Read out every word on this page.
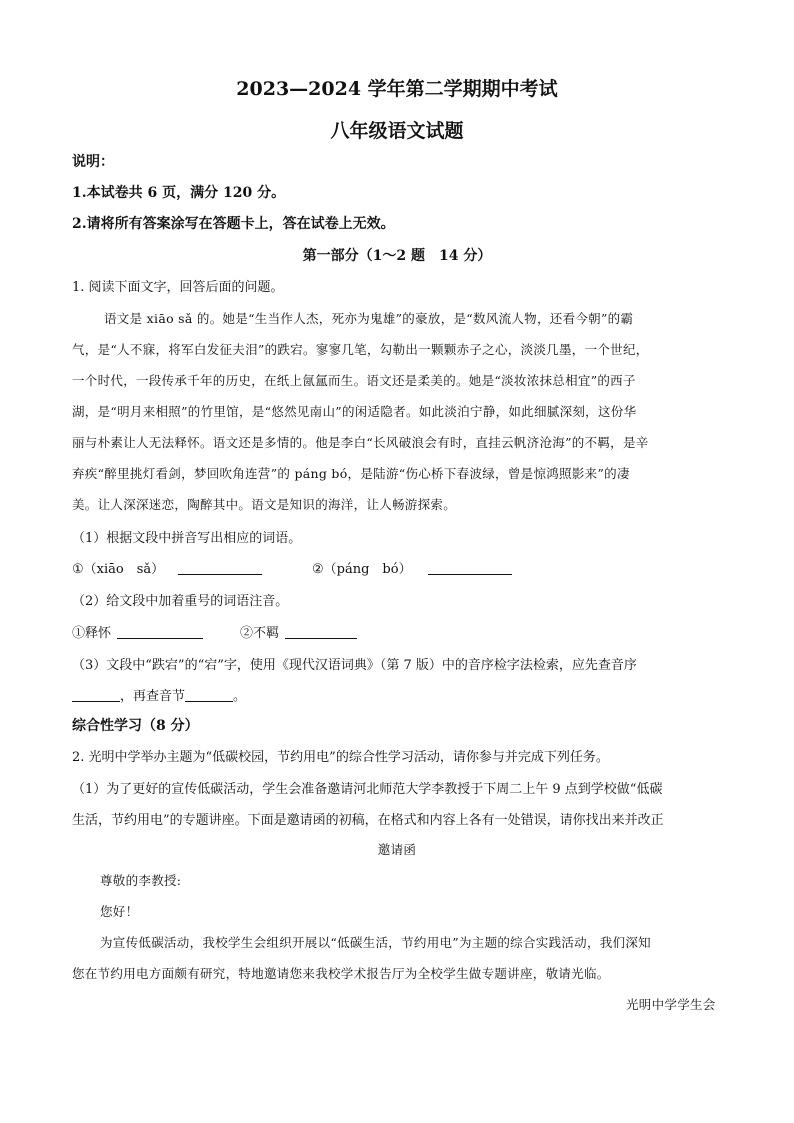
2023—2024 学年第二学期期中考试
八年级语文试题
说明：
1.本试卷共 6 页，满分 120 分。
2.请将所有答案涂写在答题卡上，答在试卷上无效。
第一部分（1～2 题　14 分）
1. 阅读下面文字，回答后面的问题。
语文是 xiāo sǎ 的。她是“生当作人杰，死亦为鬼雄”的豪放，是“数风流人物，还看今朝”的霸
气，是“人不寐，将军白发征夫泪”的跌宕。寥寥几笔，勾勒出一颗颗赤子之心，淡淡几墨，一个世纪，
一个时代，一段传承千年的历史，在纸上氤氲而生。语文还是柔美的。她是“淡妆浓抹总相宜”的西子
湖，是“明月来相照”的竹里馆，是“悠然见南山”的闲适隐者。如此淡泊宁静，如此细腻深刻，这份华
丽与朴素让人无法释怀。语文还是多情的。他是李白“长风破浪会有时，直挂云帆济沧海”的不羁，是辛
弃疾“醉里挑灯看剑，梦回吹角连营”的 páng bó，是陆游“伤心桥下春波绿，曾是惊鸿照影来”的凄
美。让人深深迷恋，陶醉其中。语文是知识的海洋，让人畅游探索。
（1）根据文段中拼音写出相应的词语。
①（xiāo　sǎ）	②（páng　bó）
（2）给文段中加着重号的词语注音。
①释怀	②不羁
（3）文段中“跌宕”的“宕”字，使用《现代汉语词典》（第 7 版）中的音序检字法检索，应先查音序
，再查音节	。
综合性学习（8 分）
2. 光明中学举办主题为“低碳校园，节约用电”的综合性学习活动，请你参与并完成下列任务。
（1）为了更好的宣传低碳活动，学生会准备邀请河北师范大学李教授于下周二上午 9 点到学校做“低碳
生活，节约用电”的专题讲座。下面是邀请函的初稿，在格式和内容上各有一处错误，请你找出来并改正
邀请函
尊敬的李教授:
您好！
为宣传低碳活动，我校学生会组织开展以“低碳生活，节约用电”为主题的综合实践活动，我们深知
您在节约用电方面颇有研究，特地邀请您来我校学术报告厅为全校学生做专题讲座，敬请光临。
光明中学学生会
